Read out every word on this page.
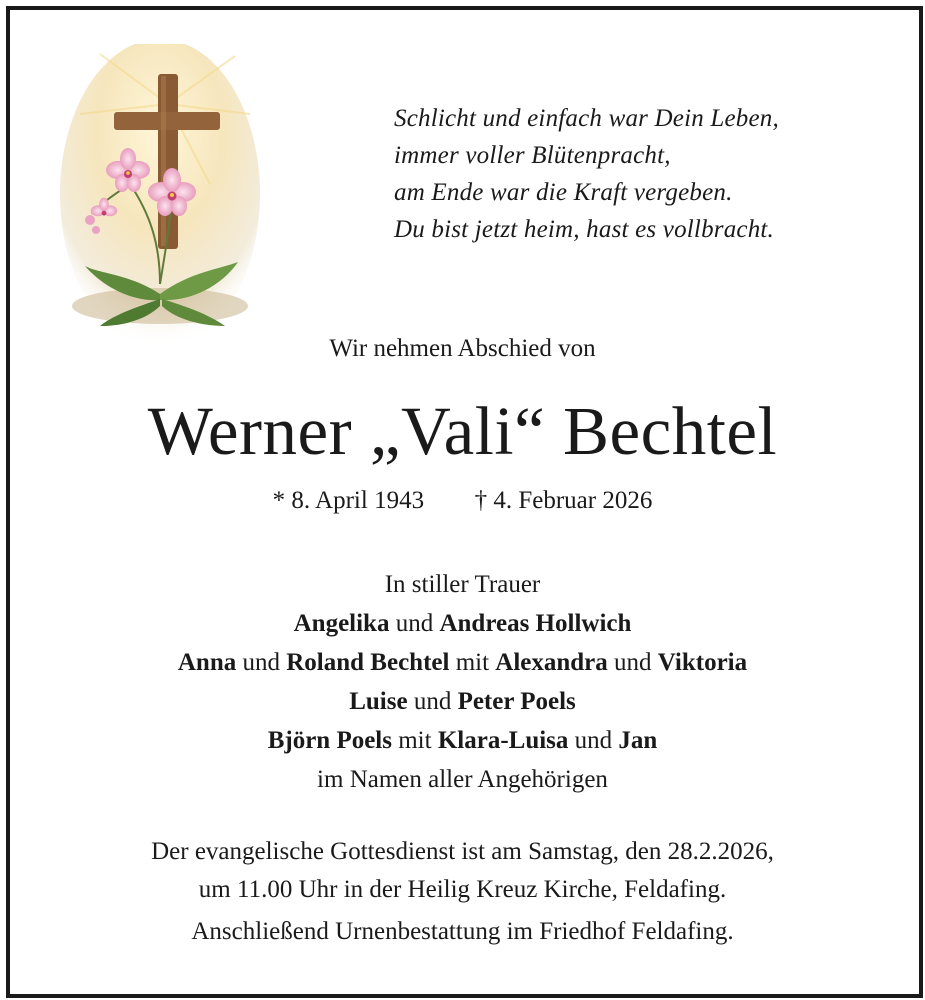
Schlicht und einfach war Dein Leben,
immer voller Blütenpracht,
am Ende war die Kraft vergeben.
Du bist jetzt heim, hast es vollbracht.
Wir nehmen Abschied von
Werner „Vali“ Bechtel
* 8. April 1943 † 4. Februar 2026
In stiller Trauer
Angelika und Andreas Hollwich
Anna und Roland Bechtel mit Alexandra und Viktoria
Luise und Peter Poels
Björn Poels mit Klara-Luisa und Jan
im Namen aller Angehörigen
Der evangelische Gottesdienst ist am Samstag, den 28.2.2026,
um 11.00 Uhr in der Heilig Kreuz Kirche, Feldafing.
Anschließend Urnenbestattung im Friedhof Feldafing.
